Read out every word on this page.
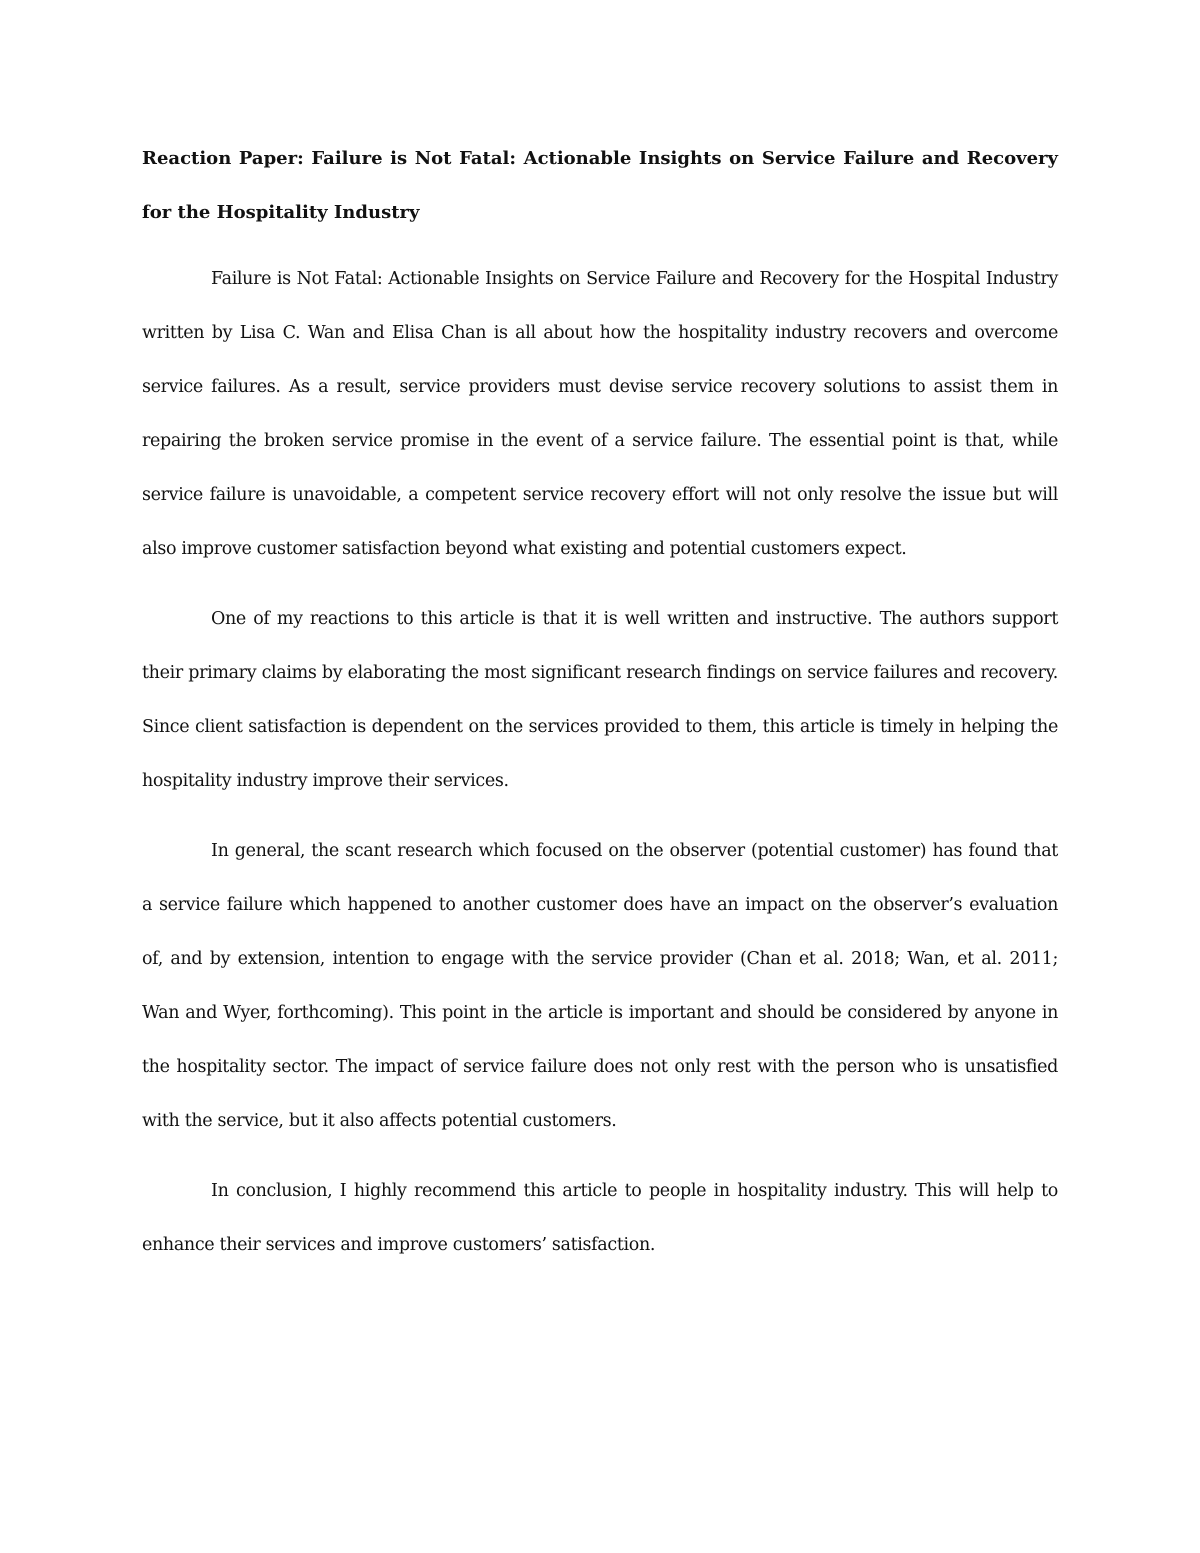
Reaction Paper: Failure is Not Fatal: Actionable Insights on Service Failure and Recovery for the Hospitality Industry

Failure is Not Fatal: Actionable Insights on Service Failure and Recovery for the Hospital Industry written by Lisa C. Wan and Elisa Chan is all about how the hospitality industry recovers and overcome service failures. As a result, service providers must devise service recovery solutions to assist them in repairing the broken service promise in the event of a service failure. The essential point is that, while service failure is unavoidable, a competent service recovery effort will not only resolve the issue but will also improve customer satisfaction beyond what existing and potential customers expect.

One of my reactions to this article is that it is well written and instructive. The authors support their primary claims by elaborating the most significant research findings on service failures and recovery. Since client satisfaction is dependent on the services provided to them, this article is timely in helping the hospitality industry improve their services.

In general, the scant research which focused on the observer (potential customer) has found that a service failure which happened to another customer does have an impact on the observer’s evaluation of, and by extension, intention to engage with the service provider (Chan et al. 2018; Wan, et al. 2011; Wan and Wyer, forthcoming). This point in the article is important and should be considered by anyone in the hospitality sector. The impact of service failure does not only rest with the person who is unsatisfied with the service, but it also affects potential customers.

In conclusion, I highly recommend this article to people in hospitality industry. This will help to enhance their services and improve customers’ satisfaction.
